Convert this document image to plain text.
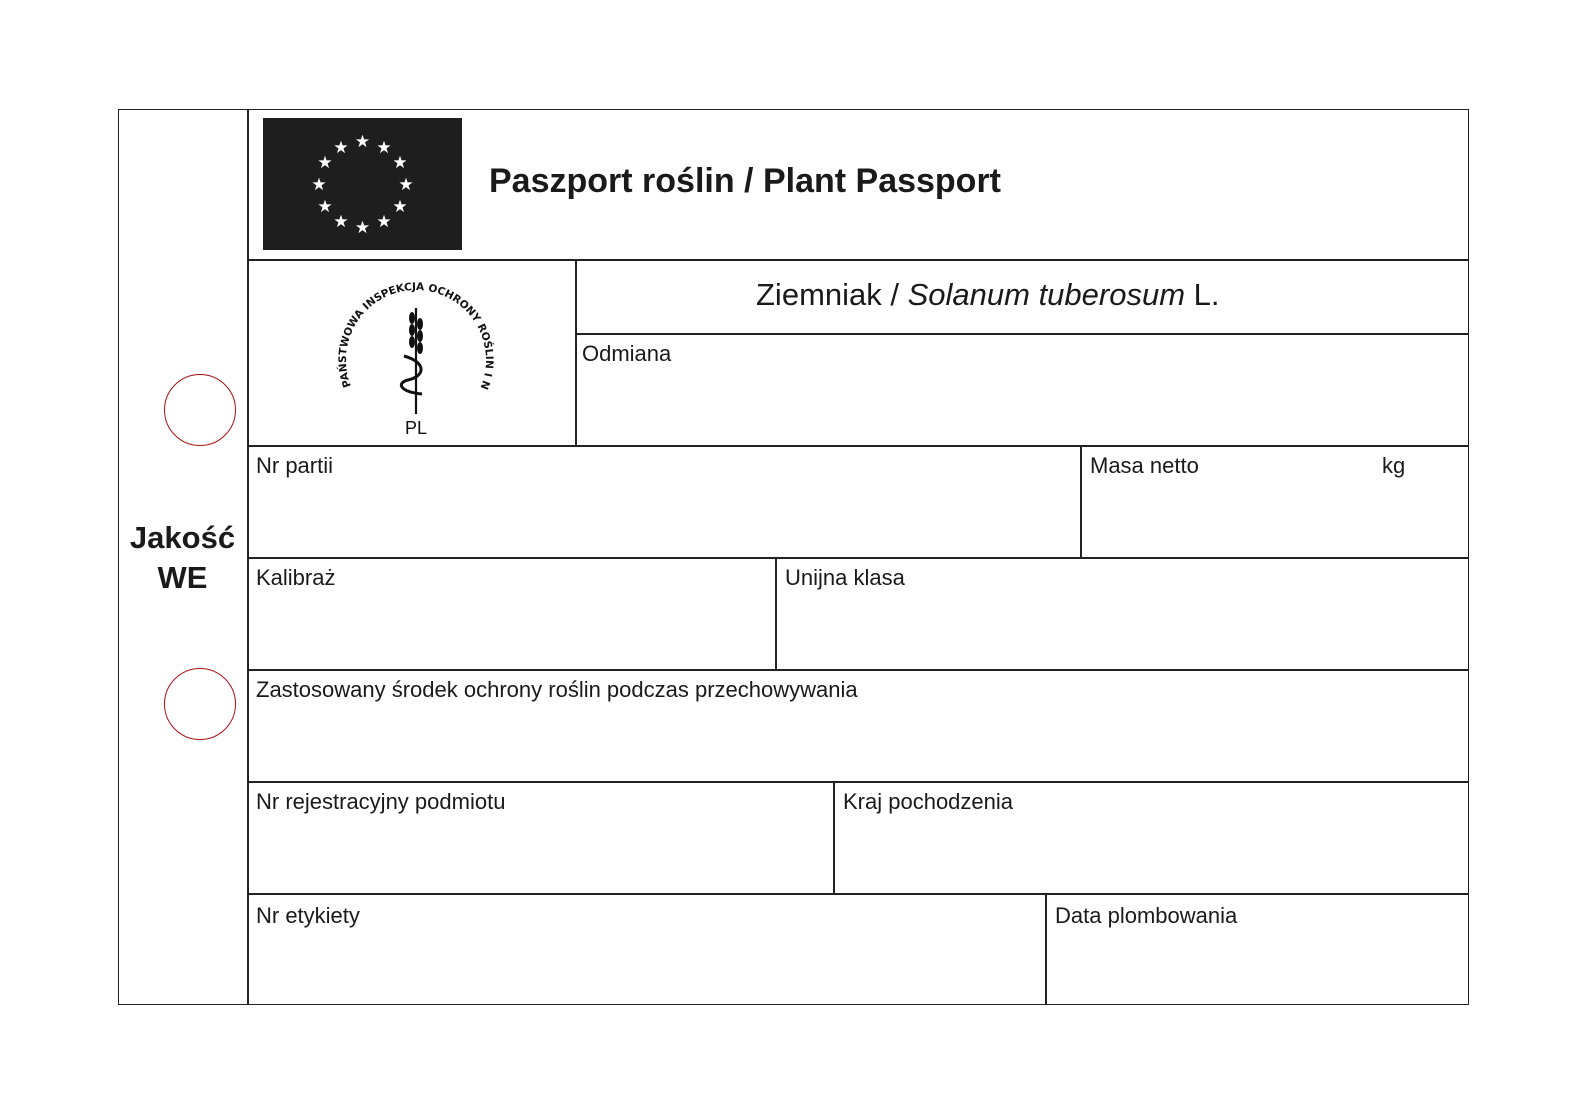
★ ★
★
★
★
★
★
★
★
★
★
★
Paszport roślin / Plant Passport
PAŃSTWOWA INSPEKCJA OCHRONY ROŚLIN I N
PL
Ziemniak / Solanum tuberosum L.
Odmiana
Nr partii	Masa netto	kg
Kalibraż	Unijna klasa
Zastosowany środek ochrony roślin podczas przechowywania
Nr rejestracyjny podmiotu	Kraj pochodzenia
Nr etykiety	Data plombowania
Jakość
WE
